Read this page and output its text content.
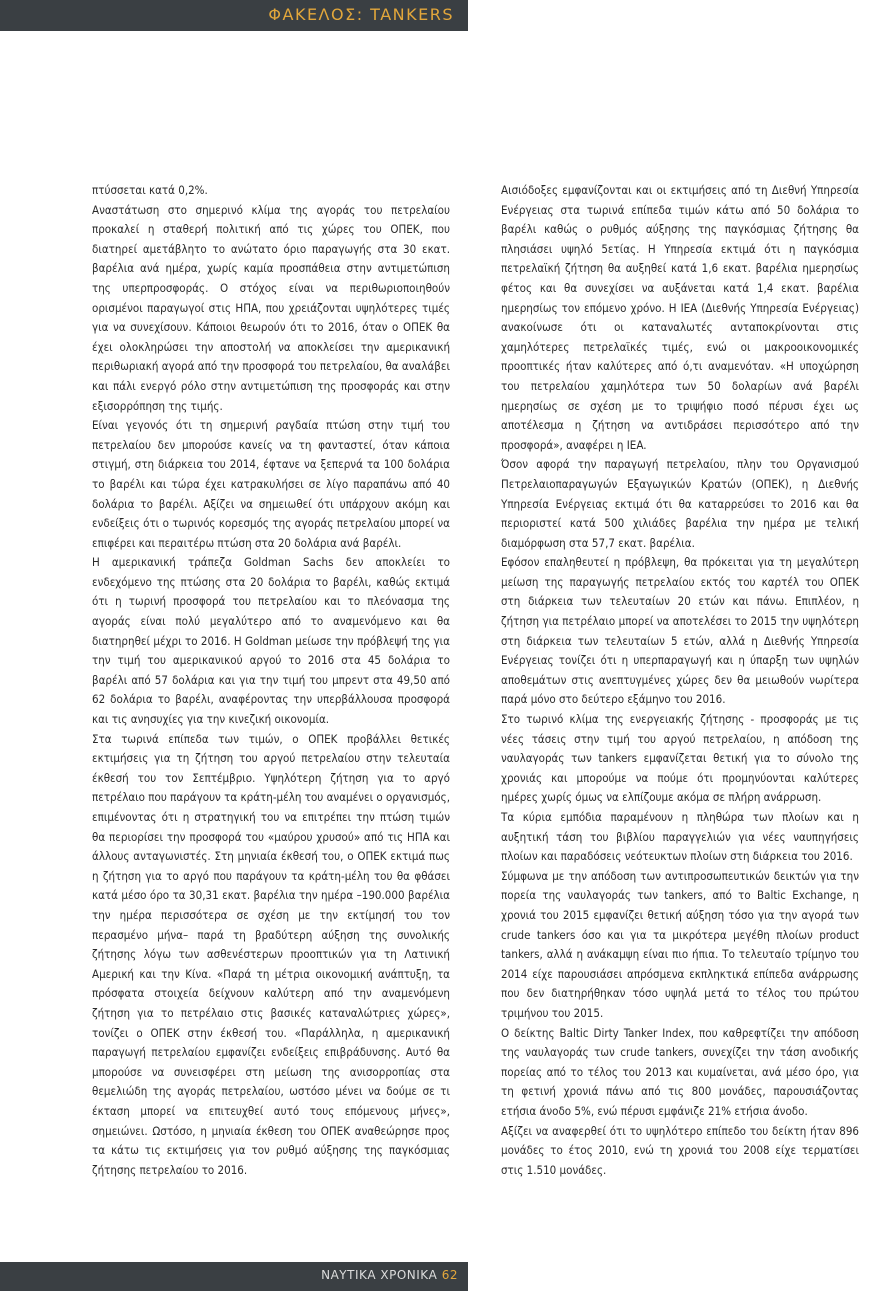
ΦΑΚΕΛΟΣ: TANKERS

πτύσσεται κατά 0,2%.

Αναστάτωση στο σημερινό κλίμα της αγοράς του πετρελαίου προκαλεί η σταθερή πολιτική από τις χώρες του ΟΠΕΚ, που διατηρεί αμετάβλητο το ανώτατο όριο παραγωγής στα 30 εκατ. βαρέλια ανά ημέρα, χωρίς καμία προσπάθεια στην αντιμετώπιση της υπερπροσφοράς. Ο στόχος είναι να περιθωριοποιηθούν ορισμένοι παραγωγοί στις ΗΠΑ, που χρειάζονται υψηλότερες τιμές για να συνεχίσουν. Κάποιοι θεωρούν ότι το 2016, όταν ο ΟΠΕΚ θα έχει ολοκληρώσει την αποστολή να αποκλείσει την αμερικανική περιθωριακή αγορά από την προσφορά του πετρελαίου, θα αναλάβει και πάλι ενεργό ρόλο στην αντιμετώπιση της προσφοράς και στην εξισορρόπηση της τιμής.

Είναι γεγονός ότι τη σημερινή ραγδαία πτώση στην τιμή του πετρελαίου δεν μπορούσε κανείς να τη φανταστεί, όταν κάποια στιγμή, στη διάρκεια του 2014, έφτανε να ξεπερνά τα 100 δολάρια το βαρέλι και τώρα έχει κατρακυλήσει σε λίγο παραπάνω από 40 δολάρια το βαρέλι. Αξίζει να σημειωθεί ότι υπάρχουν ακόμη και ενδείξεις ότι ο τωρινός κορεσμός της αγοράς πετρελαίου μπορεί να επιφέρει και περαιτέρω πτώση στα 20 δολάρια ανά βαρέλι.

Η αμερικανική τράπεζα Goldman Sachs δεν αποκλείει το ενδεχόμενο της πτώσης στα 20 δολάρια το βαρέλι, καθώς εκτιμά ότι η τωρινή προσφορά του πετρελαίου και το πλεόνασμα της αγοράς είναι πολύ μεγαλύτερο από το αναμενόμενο και θα διατηρηθεί μέχρι το 2016. Η Goldman μείωσε την πρόβλεψή της για την τιμή του αμερικανικού αργού το 2016 στα 45 δολάρια το βαρέλι από 57 δολάρια και για την τιμή του μπρεντ στα 49,50 από 62 δολάρια το βαρέλι, αναφέροντας την υπερβάλλουσα προσφορά και τις ανησυχίες για την κινεζική οικονομία.

Στα τωρινά επίπεδα των τιμών, ο ΟΠΕΚ προβάλλει θετικές εκτιμήσεις για τη ζήτηση του αργού πετρελαίου στην τελευταία έκθεσή του τον Σεπτέμβριο. Υψηλότερη ζήτηση για το αργό πετρέλαιο που παράγουν τα κράτη-μέλη του αναμένει ο οργανισμός, επιμένοντας ότι η στρατηγική του να επιτρέπει την πτώση τιμών θα περιορίσει την προσφορά του «μαύρου χρυσού» από τις ΗΠΑ και άλλους ανταγωνιστές. Στη μηνιαία έκθεσή του, ο ΟΠΕΚ εκτιμά πως η ζήτηση για το αργό που παράγουν τα κράτη-μέλη του θα φθάσει κατά μέσο όρο τα 30,31 εκατ. βαρέλια την ημέρα –190.000 βαρέλια την ημέρα περισσότερα σε σχέση με την εκτίμησή του τον περασμένο μήνα– παρά τη βραδύτερη αύξηση της συνολικής ζήτησης λόγω των ασθενέστερων προοπτικών για τη Λατινική Αμερική και την Κίνα. «Παρά τη μέτρια οικονομική ανάπτυξη, τα πρόσφατα στοιχεία δείχνουν καλύτερη από την αναμενόμενη ζήτηση για το πετρέλαιο στις βασικές καταναλώτριες χώρες», τονίζει ο ΟΠΕΚ στην έκθεσή του. «Παράλληλα, η αμερικανική παραγωγή πετρελαίου εμφανίζει ενδείξεις επιβράδυνσης. Αυτό θα μπορούσε να συνεισφέρει στη μείωση της ανισορροπίας στα θεμελιώδη της αγοράς πετρελαίου, ωστόσο μένει να δούμε σε τι έκταση μπορεί να επιτευχθεί αυτό τους επόμενους μήνες», σημειώνει. Ωστόσο, η μηνιαία έκθεση του ΟΠΕΚ αναθεώρησε προς τα κάτω τις εκτιμήσεις για τον ρυθμό αύξησης της παγκόσμιας ζήτησης πετρελαίου το 2016.

Αισιόδοξες εμφανίζονται και οι εκτιμήσεις από τη Διεθνή Υπηρεσία Ενέργειας στα τωρινά επίπεδα τιμών κάτω από 50 δολάρια το βαρέλι καθώς ο ρυθμός αύξησης της παγκόσμιας ζήτησης θα πλησιάσει υψηλό 5ετίας. Η Υπηρεσία εκτιμά ότι η παγκόσμια πετρελαϊκή ζήτηση θα αυξηθεί κατά 1,6 εκατ. βαρέλια ημερησίως φέτος και θα συνεχίσει να αυξάνεται κατά 1,4 εκατ. βαρέλια ημερησίως τον επόμενο χρόνο. Η IEA (Διεθνής Υπηρεσία Ενέργειας) ανακοίνωσε ότι οι καταναλωτές ανταποκρίνονται στις χαμηλότερες πετρελαϊκές τιμές, ενώ οι μακροοικονομικές προοπτικές ήταν καλύτερες από ό,τι αναμενόταν. «Η υποχώρηση του πετρελαίου χαμηλότερα των 50 δολαρίων ανά βαρέλι ημερησίως σε σχέση με το τριψήφιο ποσό πέρυσι έχει ως αποτέλεσμα η ζήτηση να αντιδράσει περισσότερο από την προσφορά», αναφέρει η IEA.

Όσον αφορά την παραγωγή πετρελαίου, πλην του Οργανισμού Πετρελαιοπαραγωγών Εξαγωγικών Κρατών (ΟΠΕΚ), η Διεθνής Υπηρεσία Ενέργειας εκτιμά ότι θα καταρρεύσει το 2016 και θα περιοριστεί κατά 500 χιλιάδες βαρέλια την ημέρα με τελική διαμόρφωση στα 57,7 εκατ. βαρέλια.

Εφόσον επαληθευτεί η πρόβλεψη, θα πρόκειται για τη μεγαλύτερη μείωση της παραγωγής πετρελαίου εκτός του καρτέλ του ΟΠΕΚ στη διάρκεια των τελευταίων 20 ετών και πάνω. Επιπλέον, η ζήτηση για πετρέλαιο μπορεί να αποτελέσει το 2015 την υψηλότερη στη διάρκεια των τελευταίων 5 ετών, αλλά η Διεθνής Υπηρεσία Ενέργειας τονίζει ότι η υπερπαραγωγή και η ύπαρξη των υψηλών αποθεμάτων στις ανεπτυγμένες χώρες δεν θα μειωθούν νωρίτερα παρά μόνο στο δεύτερο εξάμηνο του 2016.

Στο τωρινό κλίμα της ενεργειακής ζήτησης - προσφοράς με τις νέες τάσεις στην τιμή του αργού πετρελαίου, η απόδοση της ναυλαγοράς των tankers εμφανίζεται θετική για το σύνολο της χρονιάς και μπορούμε να πούμε ότι προμηνύονται καλύτερες ημέρες χωρίς όμως να ελπίζουμε ακόμα σε πλήρη ανάρρωση.

Τα κύρια εμπόδια παραμένουν η πληθώρα των πλοίων και η αυξητική τάση του βιβλίου παραγγελιών για νέες ναυπηγήσεις πλοίων και παραδόσεις νεότευκτων πλοίων στη διάρκεια του 2016.

Σύμφωνα με την απόδοση των αντιπροσωπευτικών δεικτών για την πορεία της ναυλαγοράς των tankers, από το Baltic Exchange, η χρονιά του 2015 εμφανίζει θετική αύξηση τόσο για την αγορά των crude tankers όσο και για τα μικρότερα μεγέθη πλοίων product tankers, αλλά η ανάκαμψη είναι πιο ήπια. Το τελευταίο τρίμηνο του 2014 είχε παρουσιάσει απρόσμενα εκπληκτικά επίπεδα ανάρρωσης που δεν διατηρήθηκαν τόσο υψηλά μετά το τέλος του πρώτου τριμήνου του 2015.

Ο δείκτης Baltic Dirty Tanker Index, που καθρεφτίζει την απόδοση της ναυλαγοράς των crude tankers, συνεχίζει την τάση ανοδικής πορείας από το τέλος του 2013 και κυμαίνεται, ανά μέσο όρο, για τη φετινή χρονιά πάνω από τις 800 μονάδες, παρουσιάζοντας ετήσια άνοδο 5%, ενώ πέρυσι εμφάνιζε 21% ετήσια άνοδο.

Αξίζει να αναφερθεί ότι το υψηλότερο επίπεδο του δείκτη ήταν 896 μονάδες το έτος 2010, ενώ τη χρονιά του 2008 είχε τερματίσει στις 1.510 μονάδες.

ΝΑΥΤΙΚΑ ΧΡΟΝΙΚΑ 62
